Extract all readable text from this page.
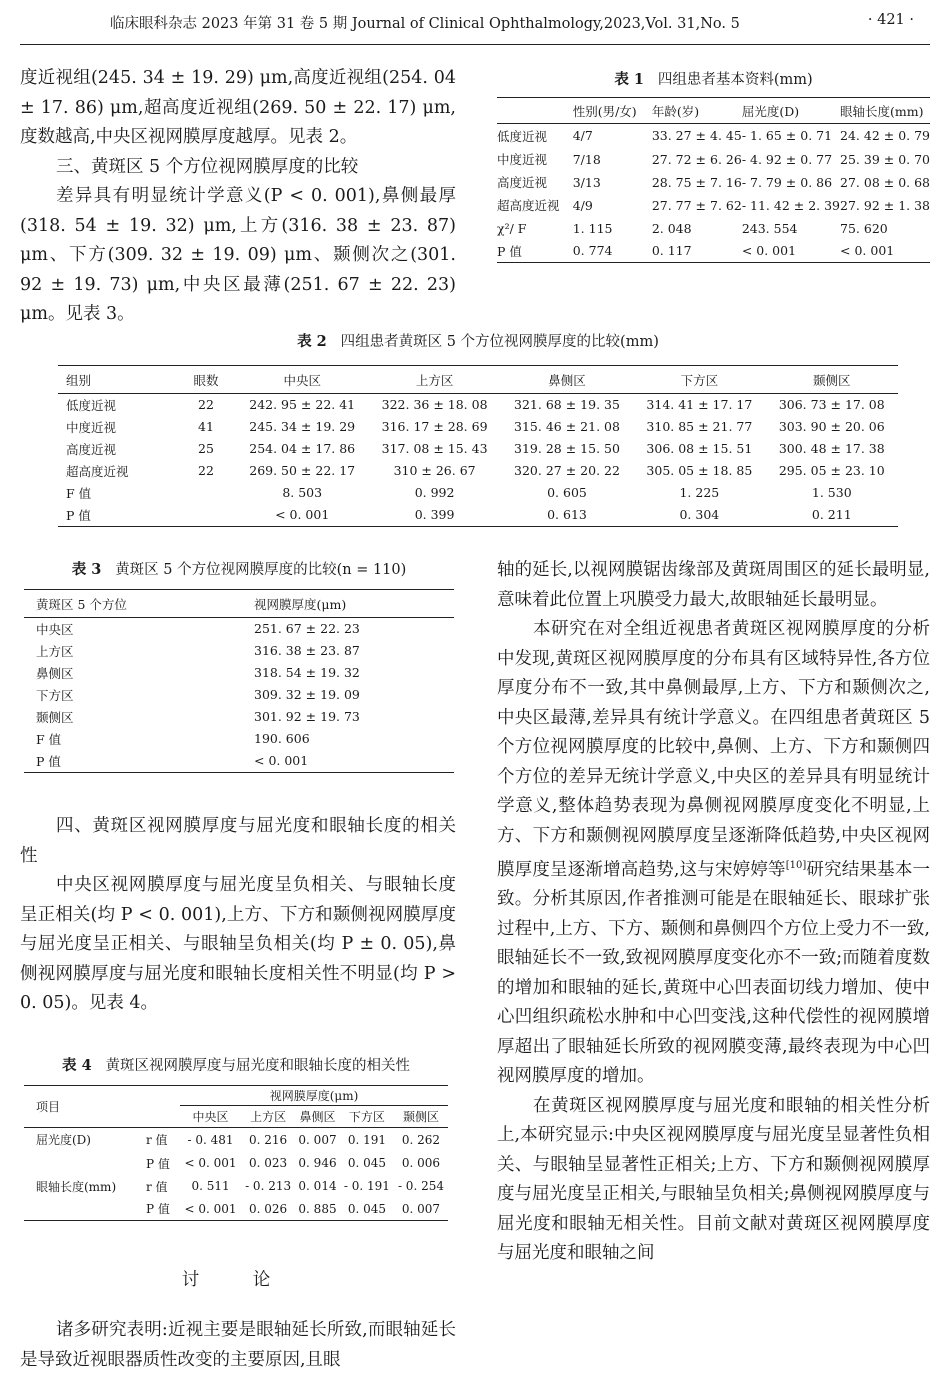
临床眼科杂志 2023 年第 31 卷 5 期 Journal of Clinical Ophthalmology,2023,Vol. 31,No. 5	· 421 ·

度近视组(245. 34 ± 19. 29) μm,高度近视组(254. 04 ± 17. 86) μm,超高度近视组(269. 50 ± 22. 17) μm,度数越高,中央区视网膜厚度越厚。见表 2。

三、黄斑区 5 个方位视网膜厚度的比较

差异具有明显统计学意义(P < 0. 001),鼻侧最厚(318. 54 ± 19. 32) μm,上方(316. 38 ± 23. 87) μm、下方(309. 32 ± 19. 09) μm、颞侧次之(301. 92 ± 19. 73) μm,中央区最薄(251. 67 ± 22. 23) μm。见表 3。

表 1 四组患者基本资料(mm)
	性别(男/女)	年龄(岁)	屈光度(D)	眼轴长度(mm)
低度近视	4/7	33. 27 ± 4. 45	- 1. 65 ± 0. 71	24. 42 ± 0. 79
中度近视	7/18	27. 72 ± 6. 26	- 4. 92 ± 0. 77	25. 39 ± 0. 70
高度近视	3/13	28. 75 ± 7. 16	- 7. 79 ± 0. 86	27. 08 ± 0. 68
超高度近视	4/9	27. 77 ± 7. 62	- 11. 42 ± 2. 39	27. 92 ± 1. 38
χ²/ F	1. 115	2. 048	243. 554	75. 620
P 值	0. 774	0. 117	< 0. 001	< 0. 001
表 2 四组患者黄斑区 5 个方位视网膜厚度的比较(mm)
组别	眼数	中央区	上方区	鼻侧区	下方区	颞侧区
低度近视	22	242. 95 ± 22. 41	322. 36 ± 18. 08	321. 68 ± 19. 35	314. 41 ± 17. 17	306. 73 ± 17. 08
中度近视	41	245. 34 ± 19. 29	316. 17 ± 28. 69	315. 46 ± 21. 08	310. 85 ± 21. 77	303. 90 ± 20. 06
高度近视	25	254. 04 ± 17. 86	317. 08 ± 15. 43	319. 28 ± 15. 50	306. 08 ± 15. 51	300. 48 ± 17. 38
超高度近视	22	269. 50 ± 22. 17	310 ± 26. 67	320. 27 ± 20. 22	305. 05 ± 18. 85	295. 05 ± 23. 10
F 值		8. 503	0. 992	0. 605	1. 225	1. 530
P 值		< 0. 001	0. 399	0. 613	0. 304	0. 211
表 3 黄斑区 5 个方位视网膜厚度的比较(n = 110)
黄斑区 5 个方位	视网膜厚度(μm)
中央区	251. 67 ± 22. 23
上方区	316. 38 ± 23. 87
鼻侧区	318. 54 ± 19. 32
下方区	309. 32 ± 19. 09
颞侧区	301. 92 ± 19. 73
F 值	190. 606
P 值	< 0. 001

四、黄斑区视网膜厚度与屈光度和眼轴长度的相关性

中央区视网膜厚度与屈光度呈负相关、与眼轴长度呈正相关(均 P < 0. 001),上方、下方和颞侧视网膜厚度与屈光度呈正相关、与眼轴呈负相关(均 P ± 0. 05),鼻侧视网膜厚度与屈光度和眼轴长度相关性不明显(均 P > 0. 05)。见表 4。

表 4 黄斑区视网膜厚度与屈光度和眼轴长度的相关性
项目		视网膜厚度(μm)				
		中央区	上方区	鼻侧区	下方区	颞侧区
屈光度(D)	r 值	- 0. 481	0. 216	0. 007	0. 191	0. 262
	P 值	< 0. 001	0. 023	0. 946	0. 045	0. 006
眼轴长度(mm)	r 值	0. 511	- 0. 213	0. 014	- 0. 191	- 0. 254
	P 值	< 0. 001	0. 026	0. 885	0. 045	0. 007
讨 论

诸多研究表明:近视主要是眼轴延长所致,而眼轴延长是导致近视眼器质性改变的主要原因,且眼

轴的延长,以视网膜锯齿缘部及黄斑周围区的延长最明显,意味着此位置上巩膜受力最大,故眼轴延长最明显。

本研究在对全组近视患者黄斑区视网膜厚度的分析中发现,黄斑区视网膜厚度的分布具有区域特异性,各方位厚度分布不一致,其中鼻侧最厚,上方、下方和颞侧次之,中央区最薄,差异具有统计学意义。在四组患者黄斑区 5 个方位视网膜厚度的比较中,鼻侧、上方、下方和颞侧四个方位的差异无统计学意义,中央区的差异具有明显统计学意义,整体趋势表现为鼻侧视网膜厚度变化不明显,上方、下方和颞侧视网膜厚度呈逐渐降低趋势,中央区视网膜厚度呈逐渐增高趋势,这与宋婷婷等[10]研究结果基本一致。分析其原因,作者推测可能是在眼轴延长、眼球扩张过程中,上方、下方、颞侧和鼻侧四个方位上受力不一致,眼轴延长不一致,致视网膜厚度变化亦不一致;而随着度数的增加和眼轴的延长,黄斑中心凹表面切线力增加、使中心凹组织疏松水肿和中心凹变浅,这种代偿性的视网膜增厚超出了眼轴延长所致的视网膜变薄,最终表现为中心凹视网膜厚度的增加。

在黄斑区视网膜厚度与屈光度和眼轴的相关性分析上,本研究显示:中央区视网膜厚度与屈光度呈显著性负相关、与眼轴呈显著性正相关;上方、下方和颞侧视网膜厚度与屈光度呈正相关,与眼轴呈负相关;鼻侧视网膜厚度与屈光度和眼轴无相关性。目前文献对黄斑区视网膜厚度与屈光度和眼轴之间
